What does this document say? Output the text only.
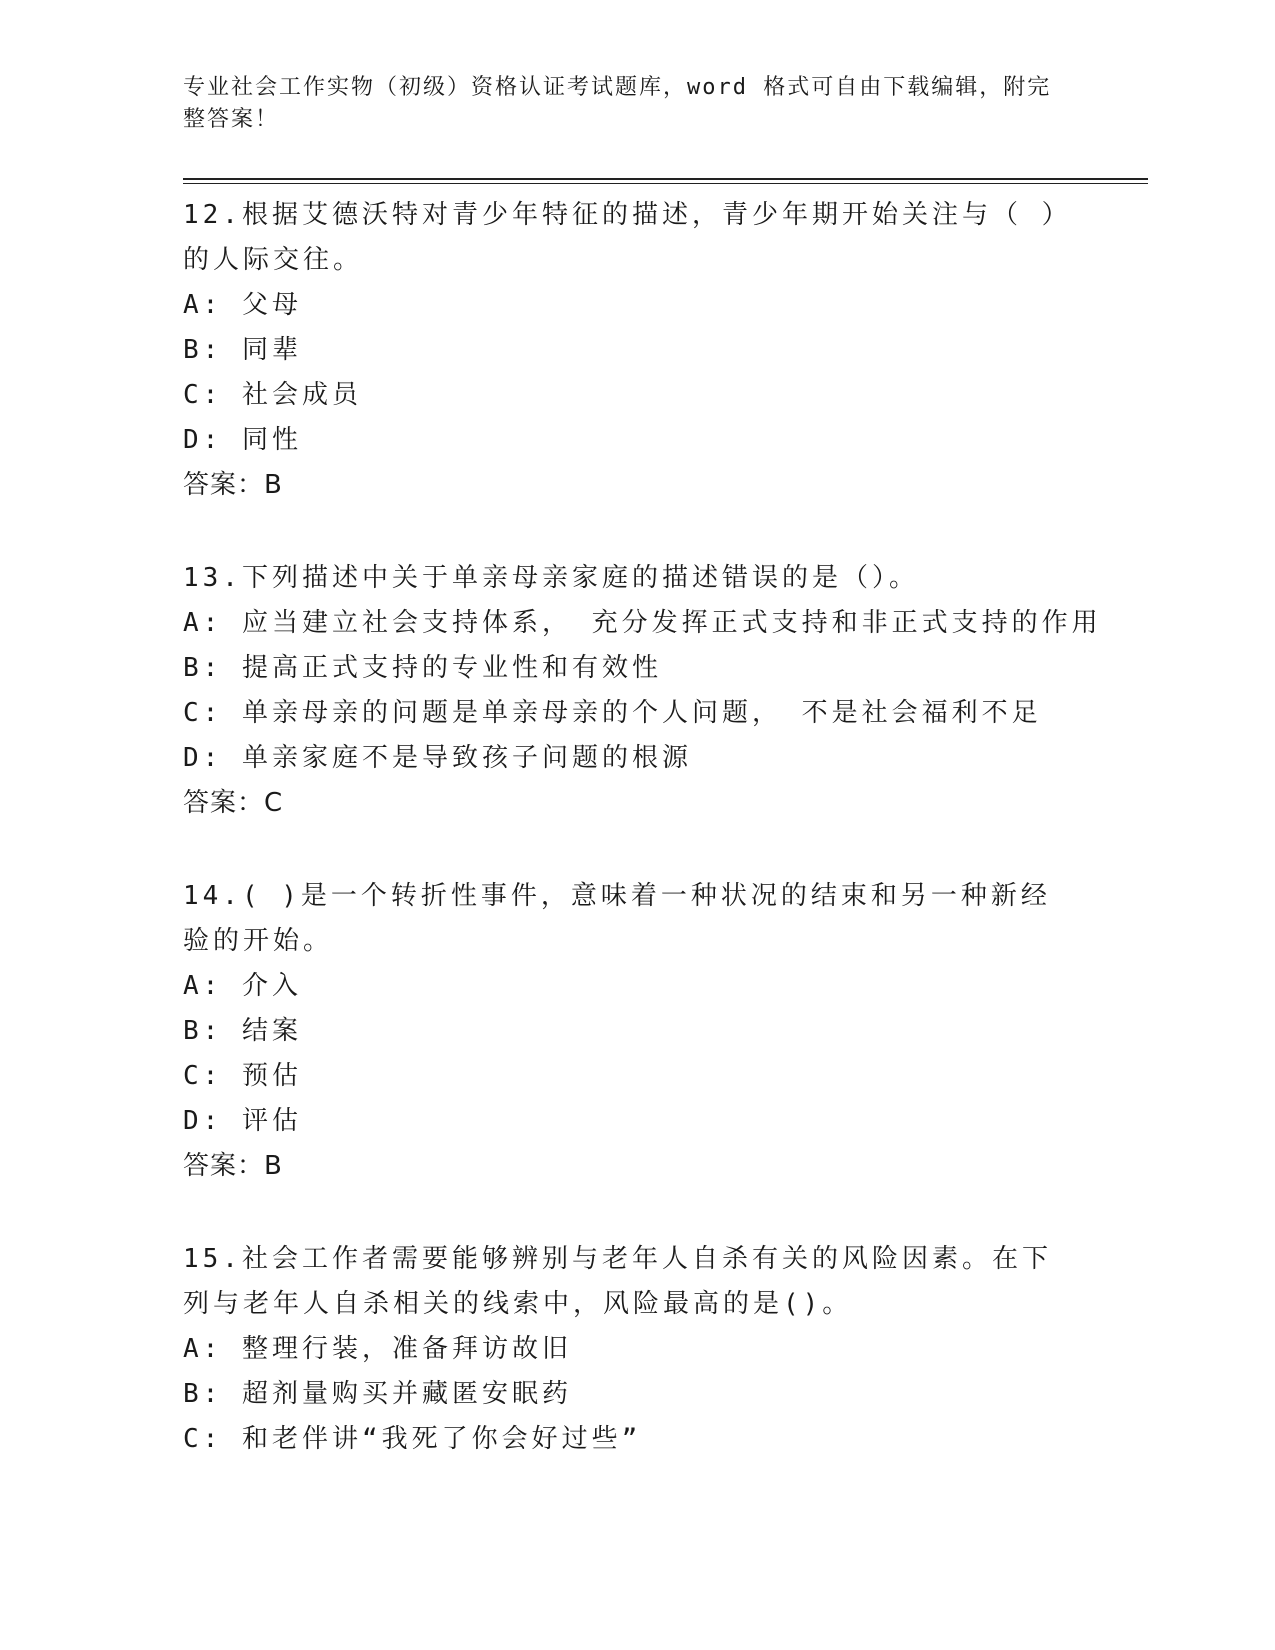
专业社会工作实物（初级）资格认证考试题库，word 格式可自由下载编辑，附完整答案！
12.根据艾德沃特对青少年特征的描述，青少年期开始关注与（ ）的人际交往。
A: 父母
B: 同辈
C: 社会成员
D: 同性
答案：B
13.下列描述中关于单亲母亲家庭的描述错误的是（）。
A: 应当建立社会支持体系， 充分发挥正式支持和非正式支持的作用
B: 提高正式支持的专业性和有效性
C: 单亲母亲的问题是单亲母亲的个人问题， 不是社会福利不足
D: 单亲家庭不是导致孩子问题的根源
答案：C
14.( )是一个转折性事件，意味着一种状况的结束和另一种新经验的开始。
A: 介入
B: 结案
C: 预估
D: 评估
答案：B
15.社会工作者需要能够辨别与老年人自杀有关的风险因素。在下列与老年人自杀相关的线索中，风险最高的是()。
A: 整理行装，准备拜访故旧
B: 超剂量购买并藏匿安眠药
C: 和老伴讲“我死了你会好过些”
